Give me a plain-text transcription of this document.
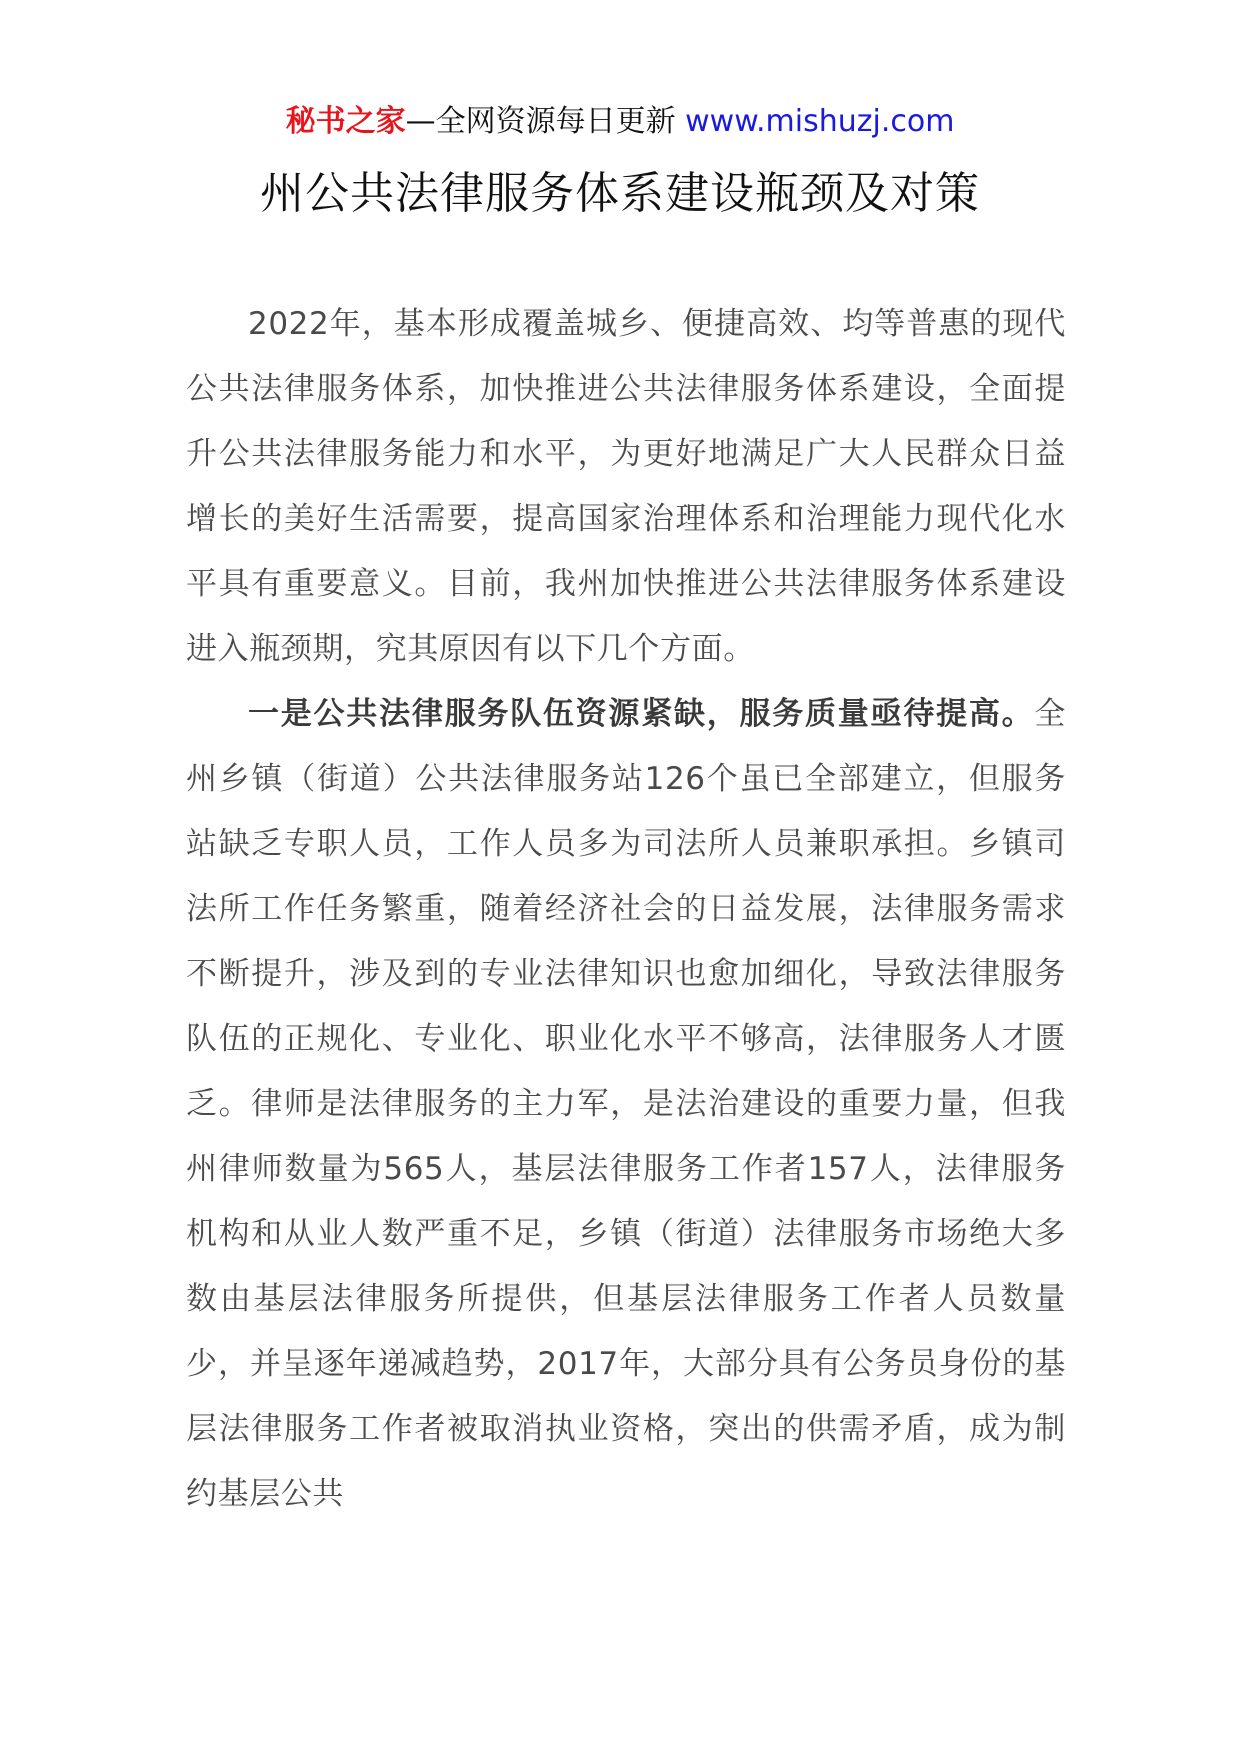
秘书之家—全网资源每日更新 www.mishuzj.com
州公共法律服务体系建设瓶颈及对策

2022年，基本形成覆盖城乡、便捷高效、均等普惠的现代公共法律服务体系，加快推进公共法律服务体系建设，全面提升公共法律服务能力和水平，为更好地满足广大人民群众日益增长的美好生活需要，提高国家治理体系和治理能力现代化水平具有重要意义。目前，我州加快推进公共法律服务体系建设进入瓶颈期，究其原因有以下几个方面。

一是公共法律服务队伍资源紧缺，服务质量亟待提高。全州乡镇（街道）公共法律服务站126个虽已全部建立，但服务站缺乏专职人员，工作人员多为司法所人员兼职承担。乡镇司法所工作任务繁重，随着经济社会的日益发展，法律服务需求不断提升，涉及到的专业法律知识也愈加细化，导致法律服务队伍的正规化、专业化、职业化水平不够高，法律服务人才匮乏。律师是法律服务的主力军，是法治建设的重要力量，但我州律师数量为565人，基层法律服务工作者157人，法律服务机构和从业人数严重不足，乡镇（街道）法律服务市场绝大多数由基层法律服务所提供，但基层法律服务工作者人员数量少，并呈逐年递减趋势，2017年，大部分具有公务员身份的基层法律服务工作者被取消执业资格，突出的供需矛盾，成为制约基层公共
